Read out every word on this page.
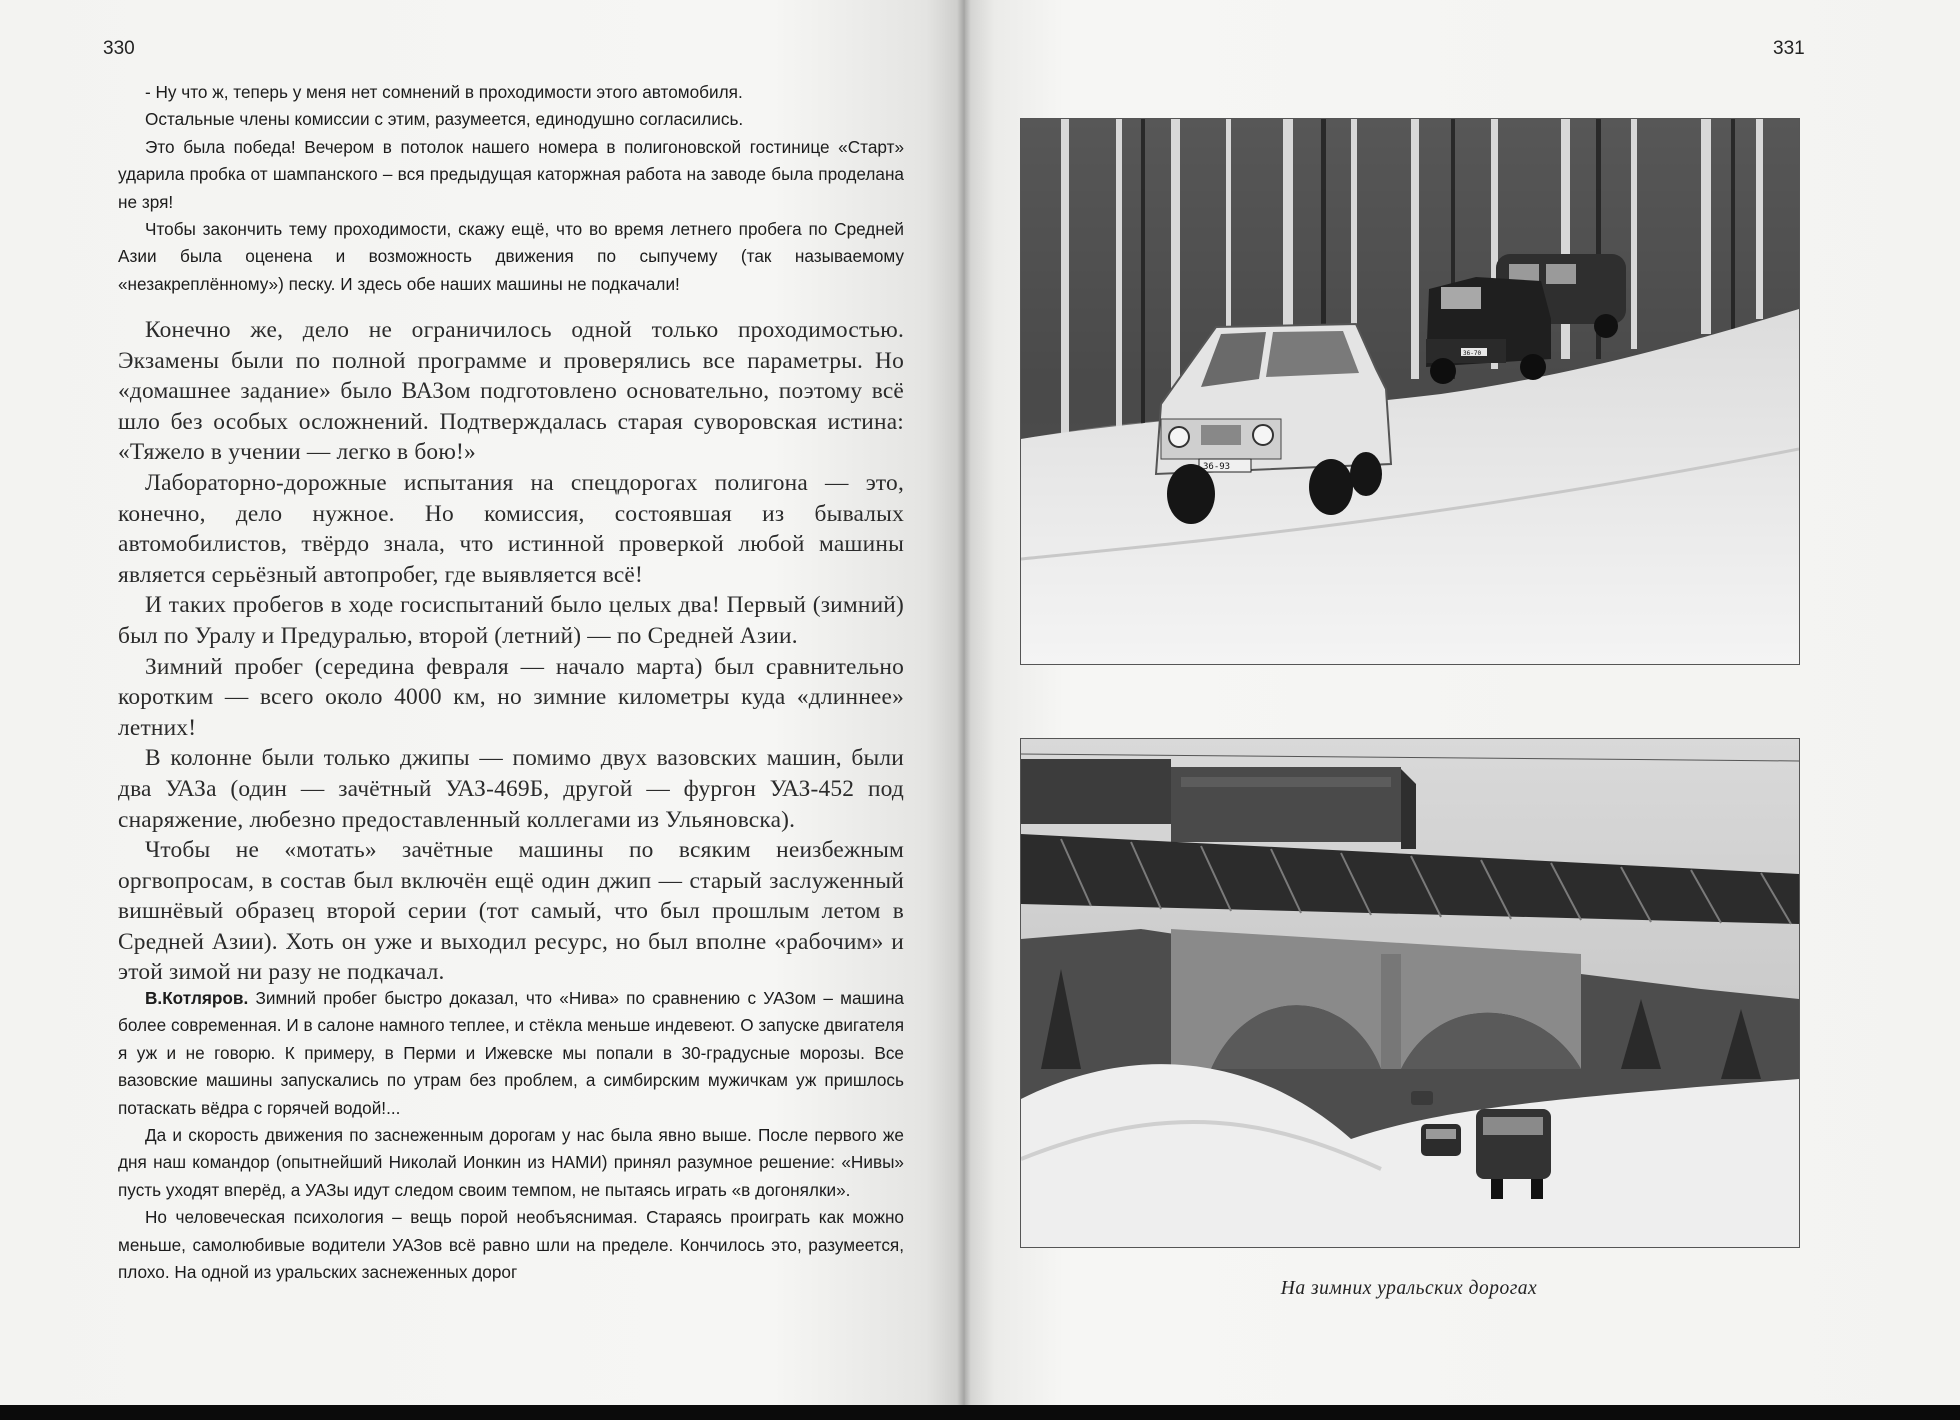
330

- Ну что ж, теперь у меня нет сомнений в проходимости этого автомобиля.

Остальные члены комиссии с этим, разумеется, единодушно согласились.

Это была победа! Вечером в потолок нашего номера в полигоновской гостинице «Старт» ударила пробка от шампанского – вся предыдущая каторжная работа на заводе была проделана не зря!

Чтобы закончить тему проходимости, скажу ещё, что во время летнего пробега по Средней Азии была оценена и возможность движения по сыпучему (так называемому «незакреплённому») песку. И здесь обе наших машины не подкачали!

Конечно же, дело не ограничилось одной только проходимостью. Экзамены были по полной программе и проверялись все параметры. Но «домашнее задание» было ВАЗом подготовлено основательно, поэтому всё шло без особых осложнений. Подтверждалась старая суворовская истина: «Тяжело в учении — легко в бою!»

Лабораторно-дорожные испытания на спецдорогах полигона — это, конечно, дело нужное. Но комиссия, состоявшая из бывалых автомобилистов, твёрдо знала, что истинной проверкой любой машины является серьёзный автопробег, где выявляется всё!

И таких пробегов в ходе госиспытаний было целых два! Первый (зимний) был по Уралу и Предуралью, второй (летний) — по Средней Азии.

Зимний пробег (середина февраля — начало марта) был сравнительно коротким — всего около 4000 км, но зимние километры куда «длиннее» летних!

В колонне были только джипы — помимо двух вазовских машин, были два УАЗа (один — зачётный УАЗ-469Б, другой — фургон УАЗ-452 под снаряжение, любезно предоставленный коллегами из Ульяновска).

Чтобы не «мотать» зачётные машины по всяким неизбежным оргвопросам, в состав был включён ещё один джип — старый заслуженный вишнёвый образец второй серии (тот самый, что был прошлым летом в Средней Азии). Хоть он уже и выходил ресурс, но был вполне «рабочим» и этой зимой ни разу не подкачал.

В.Котляров. Зимний пробег быстро доказал, что «Нива» по сравнению с УАЗом – машина более современная. И в салоне намного теплее, и стёкла меньше индевеют. О запуске двигателя я уж и не говорю. К примеру, в Перми и Ижевске мы попали в 30-градусные морозы. Все вазовские машины запускались по утрам без проблем, а симбирским мужичкам уж пришлось потаскать вёдра с горячей водой!...

Да и скорость движения по заснеженным дорогам у нас была явно выше. После первого же дня наш командор (опытнейший Николай Ионкин из НАМИ) принял разумное решение: «Нивы» пусть уходят вперёд, а УАЗы идут следом своим темпом, не пытаясь играть «в догонялки».

Но человеческая психология – вещь порой необъяснимая. Стараясь проиграть как можно меньше, самолюбивые водители УАЗов всё равно шли на пределе. Кончилось это, разумеется, плохо. На одной из уральских заснеженных дорог

331
36-70
36-93
На зимних уральских дорогах
